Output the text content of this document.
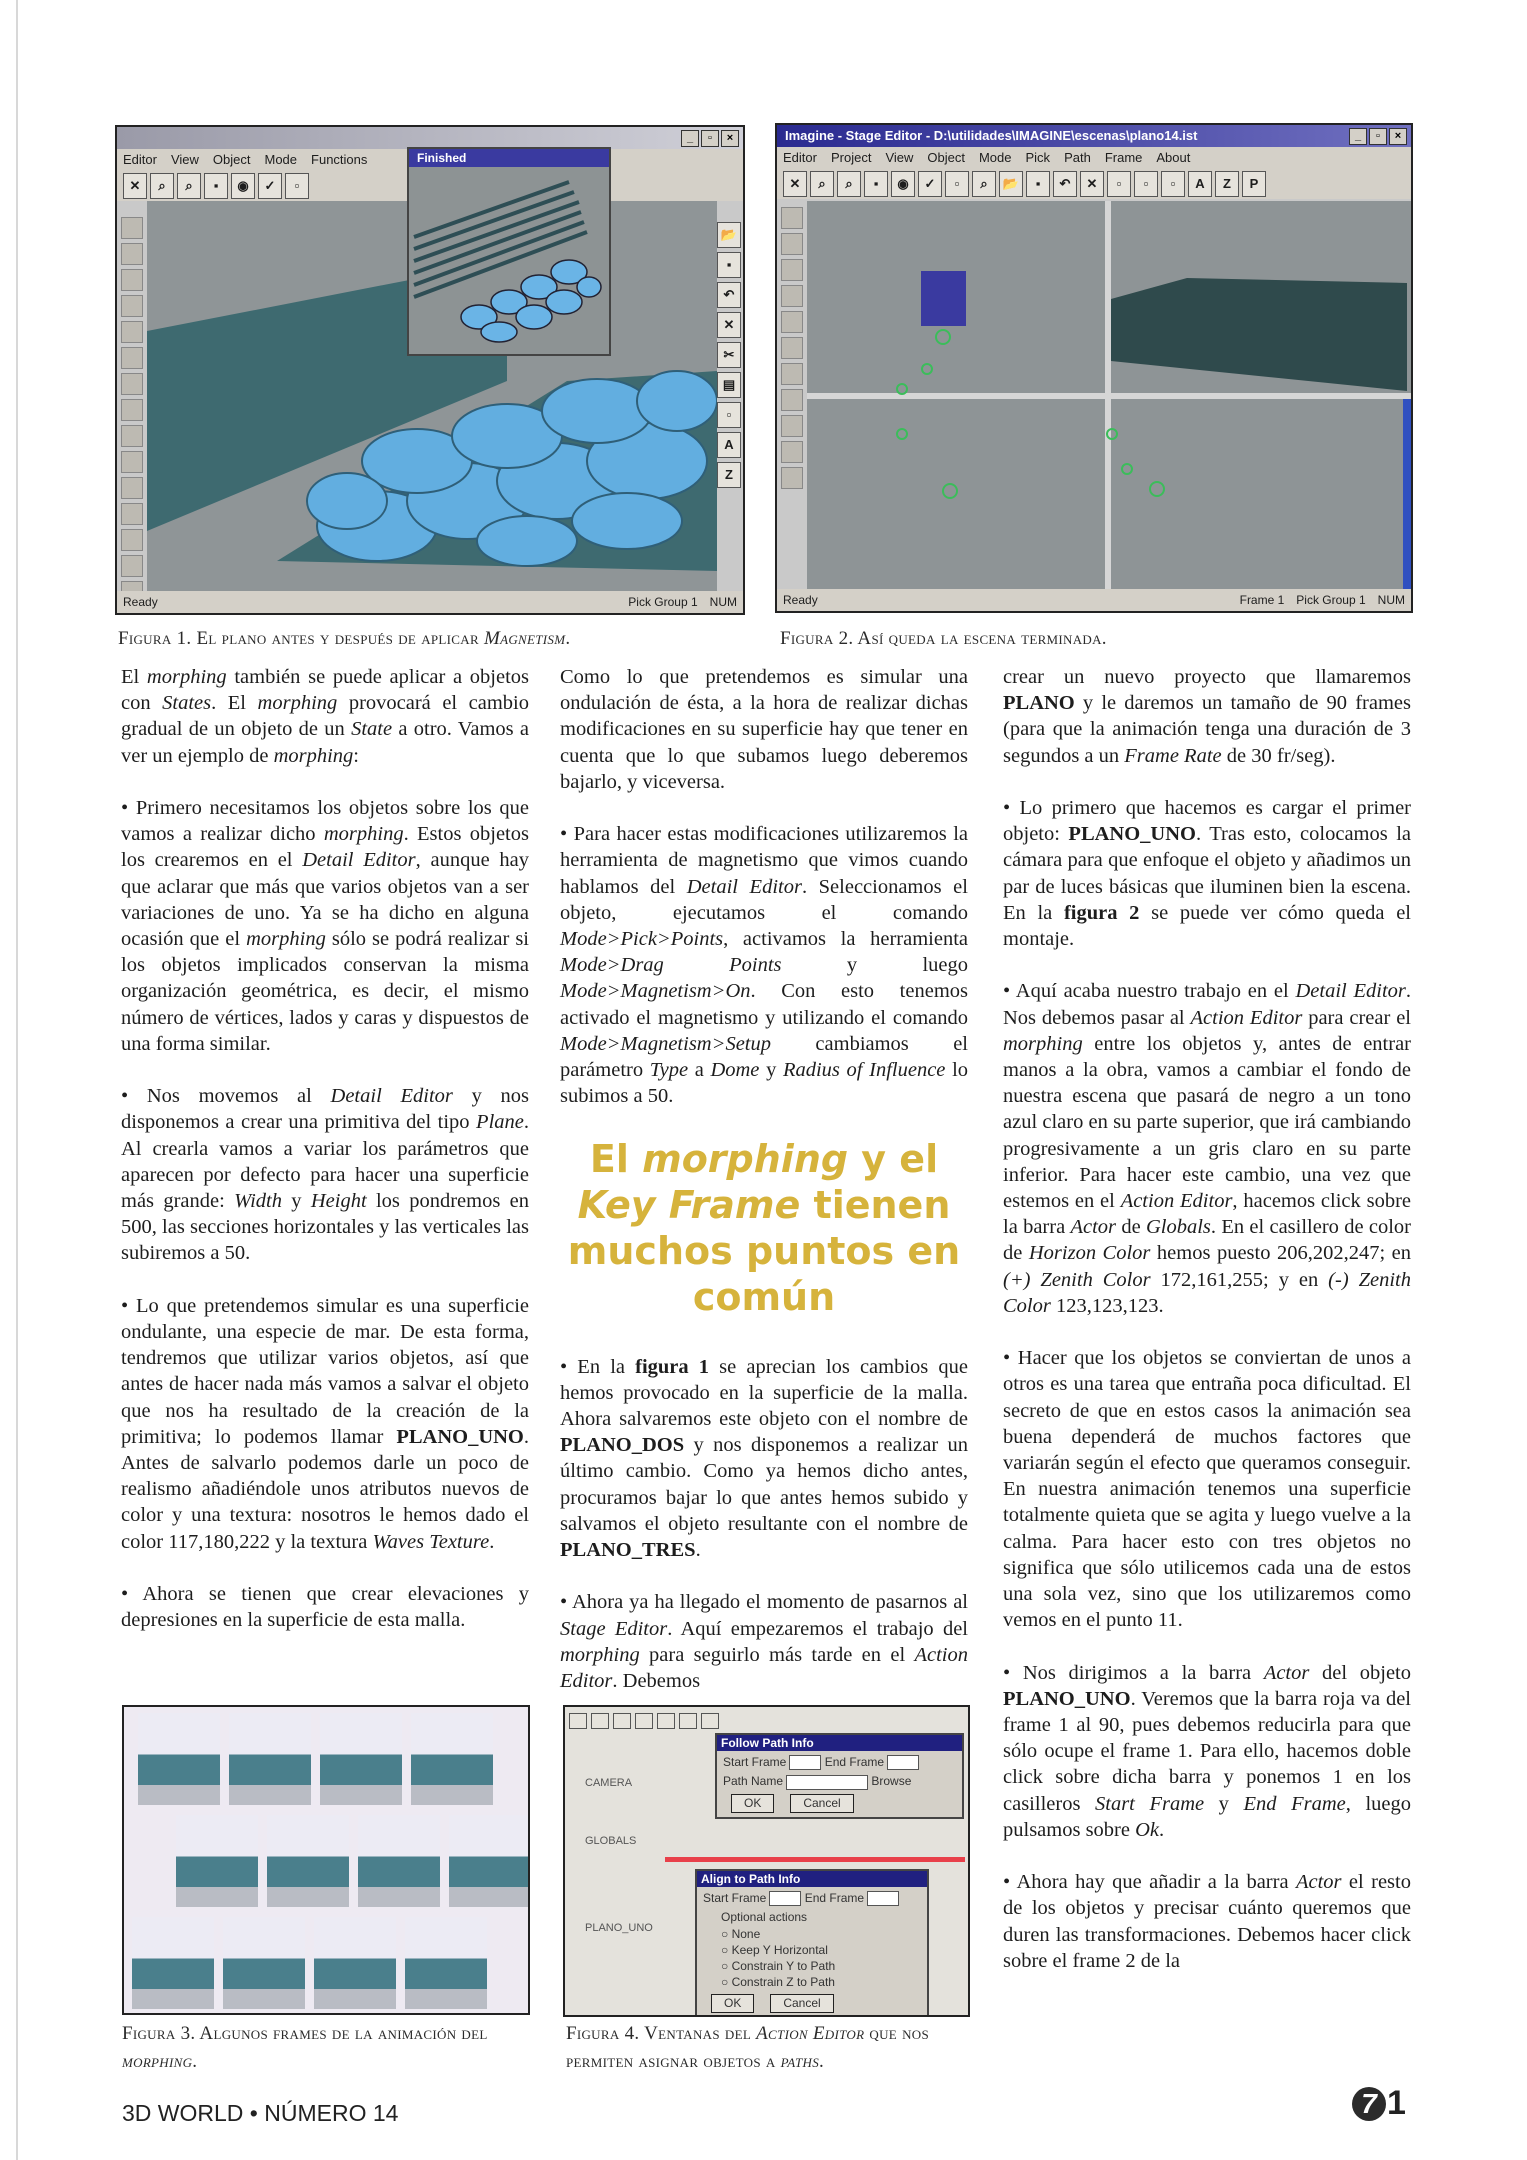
_	▫	×
Editor View Object Mode Functions
✕	⌕	⌕	▪	◉	✓	▫
📂
▪
↶
✕
✂
▤
▫
A
Z
Finished
Ready	Pick Group 1 NUM
Figura 1. El plano antes y después de aplicar Magnetism.
Imagine - Stage Editor - D:\utilidades\IMAGINE\escenas\plano14.ist	_	▫	×
Editor Project View Object Mode Pick Path Frame About
✕	⌕	⌕	▪	◉	✓	▫	⌕	📂	▪	↶	✕	▫	▫	▫	A	Z	P
Ready	Frame 1 Pick Group 1 NUM
Figura 2. Así queda la escena terminada.

El morphing también se puede aplicar a objetos con States. El morphing provocará el cambio gradual de un objeto de un State a otro. Vamos a ver un ejemplo de morphing:

• Primero necesitamos los objetos sobre los que vamos a realizar dicho morphing. Estos objetos los crearemos en el Detail Editor, aunque hay que aclarar que más que varios objetos van a ser variaciones de uno. Ya se ha dicho en alguna ocasión que el morphing sólo se podrá realizar si los objetos implicados conservan la misma organización geométrica, es decir, el mismo número de vértices, lados y caras y dispuestos de una forma similar.

• Nos movemos al Detail Editor y nos disponemos a crear una primitiva del tipo Plane. Al crearla vamos a variar los parámetros que aparecen por defecto para hacer una superficie más grande: Width y Height los pondremos en 500, las secciones horizontales y las verticales las subiremos a 50.

• Lo que pretendemos simular es una superficie ondulante, una especie de mar. De esta forma, tendremos que utilizar varios objetos, así que antes de hacer nada más vamos a salvar el objeto que nos ha resultado de la creación de la primitiva; lo podemos llamar PLANO_UNO. Antes de salvarlo podemos darle un poco de realismo añadiéndole unos atributos nuevos de color y una textura: nosotros le hemos dado el color 117,180,222 y la textura Waves Texture.

• Ahora se tienen que crear elevaciones y depresiones en la superficie de esta malla.

Como lo que pretendemos es simular una ondulación de ésta, a la hora de realizar dichas modificaciones en su superficie hay que tener en cuenta que lo que subamos luego deberemos bajarlo, y viceversa.

• Para hacer estas modificaciones utilizaremos la herramienta de magnetismo que vimos cuando hablamos del Detail Editor. Seleccionamos el objeto, ejecutamos el comando Mode>Pick>Points, activamos la herramienta Mode>Drag Points y luego Mode>Magnetism>On. Con esto tenemos activado el magnetismo y utilizando el comando Mode>Magnetism>Setup cambiamos el parámetro Type a Dome y Radius of Influence lo subimos a 50.

El morphing y el Key Frame tienen muchos puntos en común

• En la figura 1 se aprecian los cambios que hemos provocado en la superficie de la malla. Ahora salvaremos este objeto con el nombre de PLANO_DOS y nos disponemos a realizar un último cambio. Como ya hemos dicho antes, procuramos bajar lo que antes hemos subido y salvamos el objeto resultante con el nombre de PLANO_TRES.

• Ahora ya ha llegado el momento de pasarnos al Stage Editor. Aquí empezaremos el trabajo del morphing para seguirlo más tarde en el Action Editor. Debemos

crear un nuevo proyecto que llamaremos PLANO y le daremos un tamaño de 90 frames (para que la animación tenga una duración de 3 segundos a un Frame Rate de 30 fr/seg).

• Lo primero que hacemos es cargar el primer objeto: PLANO_UNO. Tras esto, colocamos la cámara para que enfoque el objeto y añadimos un par de luces básicas que iluminen bien la escena. En la figura 2 se puede ver cómo queda el montaje.

• Aquí acaba nuestro trabajo en el Detail Editor. Nos debemos pasar al Action Editor para crear el morphing entre los objetos y, antes de entrar manos a la obra, vamos a cambiar el fondo de nuestra escena que pasará de negro a un tono azul claro en su parte superior, que irá cambiando progresivamente a un gris claro en su parte inferior. Para hacer este cambio, una vez que estemos en el Action Editor, hacemos click sobre la barra Actor de Globals. En el casillero de color de Horizon Color hemos puesto 206,202,247; en (+) Zenith Color 172,161,255; y en (-) Zenith Color 123,123,123.

• Hacer que los objetos se conviertan de unos a otros es una tarea que entraña poca dificultad. El secreto de que en estos casos la animación sea buena dependerá de muchos factores que variarán según el efecto que queramos conseguir. En nuestra animación tenemos una superficie totalmente quieta que se agita y luego vuelve a la calma. Para hacer esto con tres objetos no significa que sólo utilicemos cada una de estos una sola vez, sino que los utilizaremos como vemos en el punto 11.

• Nos dirigimos a la barra Actor del objeto PLANO_UNO. Veremos que la barra roja va del frame 1 al 90, pues debemos reducirla para que sólo ocupe el frame 1. Para ello, hacemos doble click sobre dicha barra y ponemos 1 en los casilleros Start Frame y End Frame, luego pulsamos sobre Ok.

• Ahora hay que añadir a la barra Actor el resto de los objetos y precisar cuánto queremos que duren las transformaciones. Debemos hacer click sobre el frame 2 de la

Figura 3. Algunos frames de la animación del morphing.
CAMERA
GLOBALS
PLANO_UNO
Follow Path Info
Start Frame	End Frame
Path Name	Browse
OK	Cancel
Align to Path Info
Start Frame	End Frame
Optional actions
○ None
○ Keep Y Horizontal
○ Constrain Y to Path
○ Constrain Z to Path
OK	Cancel
Figura 4. Ventanas del Action Editor que nos permiten asignar objetos a paths.
3D WORLD • NÚMERO 14	7 1
